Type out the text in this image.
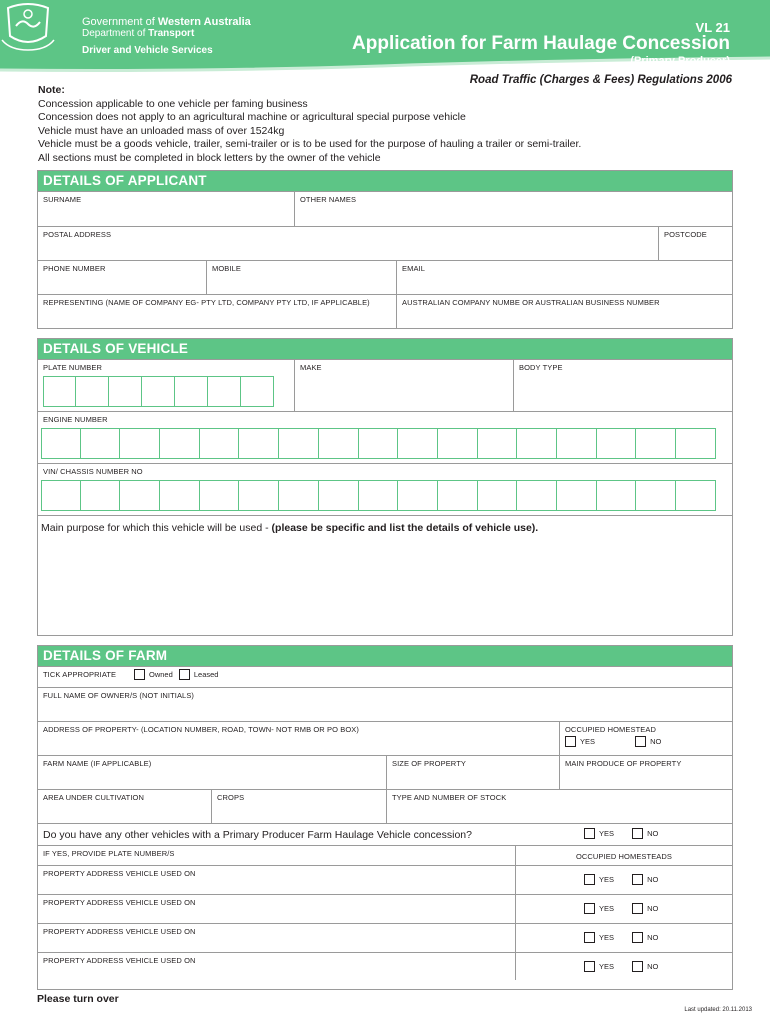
Government of Western Australia
Department of Transport
Driver and Vehicle Services
VL 21
Application for Farm Haulage Concession
(Primary Producer)
Road Traffic (Charges & Fees) Regulations 2006
Note:
Concession applicable to one vehicle per faming business
Concession does not apply to an agricultural machine or agricultural special purpose vehicle
Vehicle must have an unloaded mass of over 1524kg
Vehicle must be a goods vehicle, trailer, semi-trailer or is to be used for the purpose of hauling a trailer or semi-trailer.
All sections must be completed in block letters by the owner of the vehicle
DETAILS OF APPLICANT
SURNAME	OTHER NAMES
POSTAL ADDRESS	POSTCODE
PHONE NUMBER	MOBILE	EMAIL
REPRESENTING (NAME OF COMPANY EG- PTY LTD, COMPANY PTY LTD, IF APPLICABLE)	AUSTRALIAN COMPANY NUMBE OR AUSTRALIAN BUSINESS NUMBER
DETAILS OF VEHICLE
PLATE NUMBER	MAKE	BODY TYPE
ENGINE NUMBER
VIN/ CHASSIS NUMBER NO
Main purpose for which this vehicle will be used - (please be specific and list the details of vehicle use).
DETAILS OF FARM
TICK APPROPRIATE	Owned	Leased
FULL NAME OF OWNER/S (NOT INITIALS)
ADDRESS OF PROPERTY- (LOCATION NUMBER, ROAD, TOWN- NOT RMB OR PO BOX)	OCCUPIED HOMESTEAD
YES	NO
FARM NAME (IF APPLICABLE)	SIZE OF PROPERTY	MAIN PRODUCE OF PROPERTY
AREA UNDER CULTIVATION	CROPS	TYPE AND NUMBER OF STOCK
Do you have any other vehicles with a Primary Producer Farm Haulage Vehicle concession?	YES	NO
IF YES, PROVIDE PLATE NUMBER/S	OCCUPIED HOMESTEADS
PROPERTY ADDRESS VEHICLE USED ON
YES	NO
PROPERTY ADDRESS VEHICLE USED ON
YES	NO
PROPERTY ADDRESS VEHICLE USED ON
YES	NO
PROPERTY ADDRESS VEHICLE USED ON
YES	NO
Please turn over
Last updated: 20.11.2013
